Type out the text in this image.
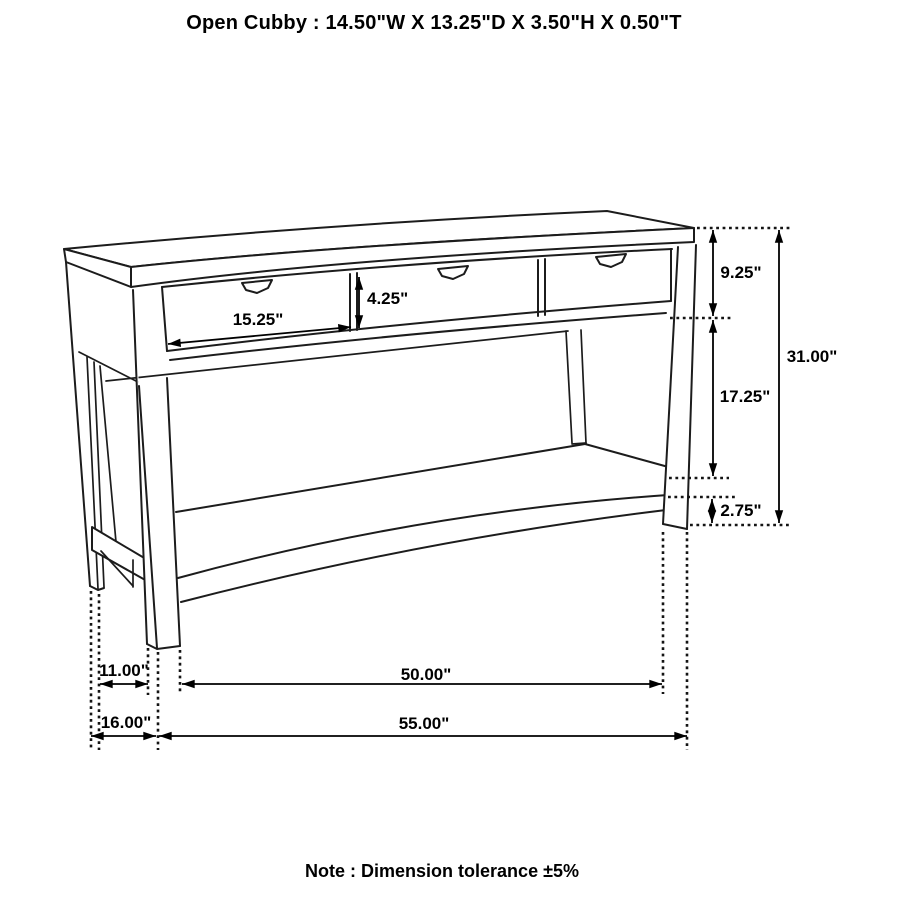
Open Cubby : 14.50"W X 13.25"D X 3.50"H X 0.50"T
15.25"
4.25"
9.25"
17.25"
2.75"
31.00"
11.00"	50.00"
16.00"	55.00"
Note : Dimension tolerance ±5%
